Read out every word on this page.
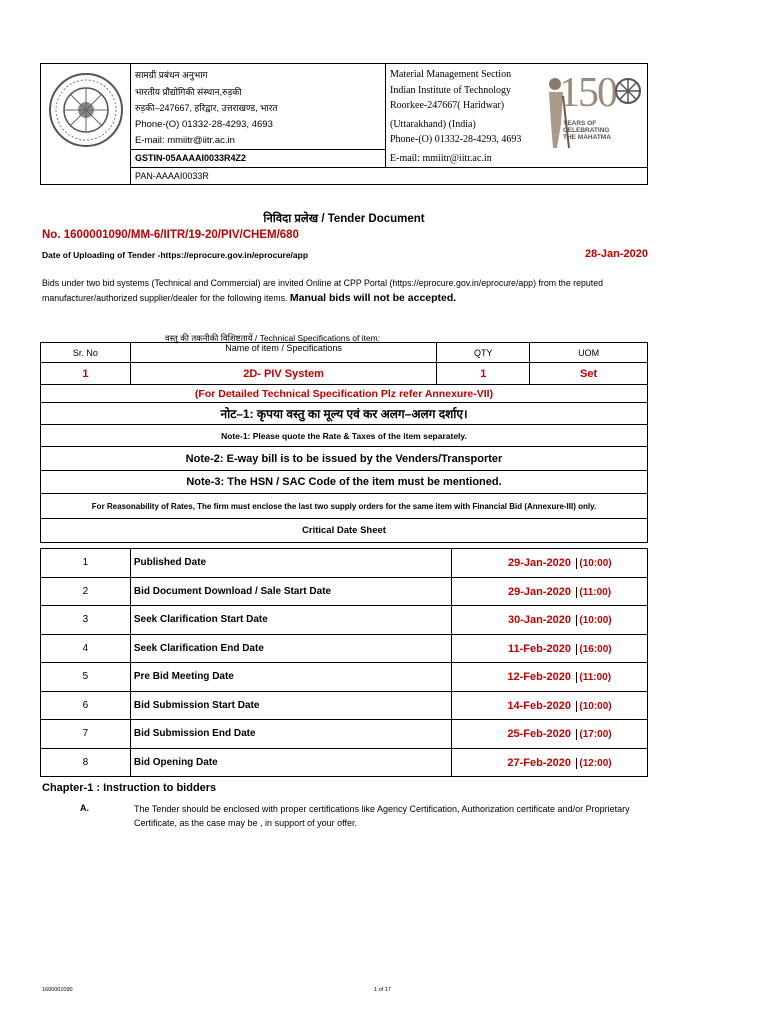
सामग्री प्रबंधन अनुभाग
भारतीय प्रौद्योगिकी संस्थान,रुड़की
रुड़की–247667, हरिद्वार, उत्तराखण्ड, भारत
Phone-(O) 01332-28-4293, 4693
E-mail: mmiitr@iitr.ac.in
GSTIN-05AAAAI0033R4Z2
PAN-AAAAI0033R
Material Management Section
Indian Institute of Technology
Roorkee-247667( Haridwar)
(Uttarakhand) (India)
Phone-(O) 01332-28-4293, 4693
E-mail: mmiitr@iitr.ac.in
150
YEARS OF
CELEBRATING
THE MAHATMA
निविदा प्रलेख / Tender Document
No. 1600001090/MM-6/IITR/19-20/PIV/CHEM/680
Date of Uploading of Tender -https://eprocure.gov.in/eprocure/app	28-Jan-2020
Bids under two bid systems (Technical and Commercial) are invited Online at CPP Portal (https://eprocure.gov.in/eprocure/app) from the reputed manufacturer/authorized supplier/dealer for the following items. Manual bids will not be accepted.
वस्तु की तकनीकी विशिष्टतायें / Technical Specifications of item:
Sr. No	Name of item / Specifications	QTY	UOM
1	2D- PIV System	1	Set
(For Detailed Technical Specification Plz refer Annexure-VII)			
नोट–1: कृपया वस्तु का मूल्य एवं कर अलग–अलग दर्शाए।			
Note-1: Please quote the Rate & Taxes of the item separately.			
Note-2: E-way bill is to be issued by the Venders/Transporter			
Note-3: The HSN / SAC Code of the item must be mentioned.			
For Reasonability of Rates, The firm must enclose the last two supply orders for the same item with Financial Bid (Annexure-III) only.			
Critical Date Sheet			
1	Published Date	29-Jan-2020 (10:00)

2	Bid Document Download / Sale Start Date	29-Jan-2020 (11:00)

3	Seek Clarification Start Date	30-Jan-2020 (10:00)

4	Seek Clarification End Date	11-Feb-2020 (16:00)

5	Pre Bid Meeting Date	12-Feb-2020 (11:00)

6	Bid Submission Start Date	14-Feb-2020 (10:00)

7	Bid Submission End Date	25-Feb-2020 (17:00)

8	Bid Opening Date	27-Feb-2020 (12:00)
Chapter-1 : Instruction to bidders
A.	The Tender should be enclosed with proper certifications like Agency Certification, Authorization certificate and/or Proprietary Certificate, as the case may be , in support of your offer.
1600001090	1 of 17
